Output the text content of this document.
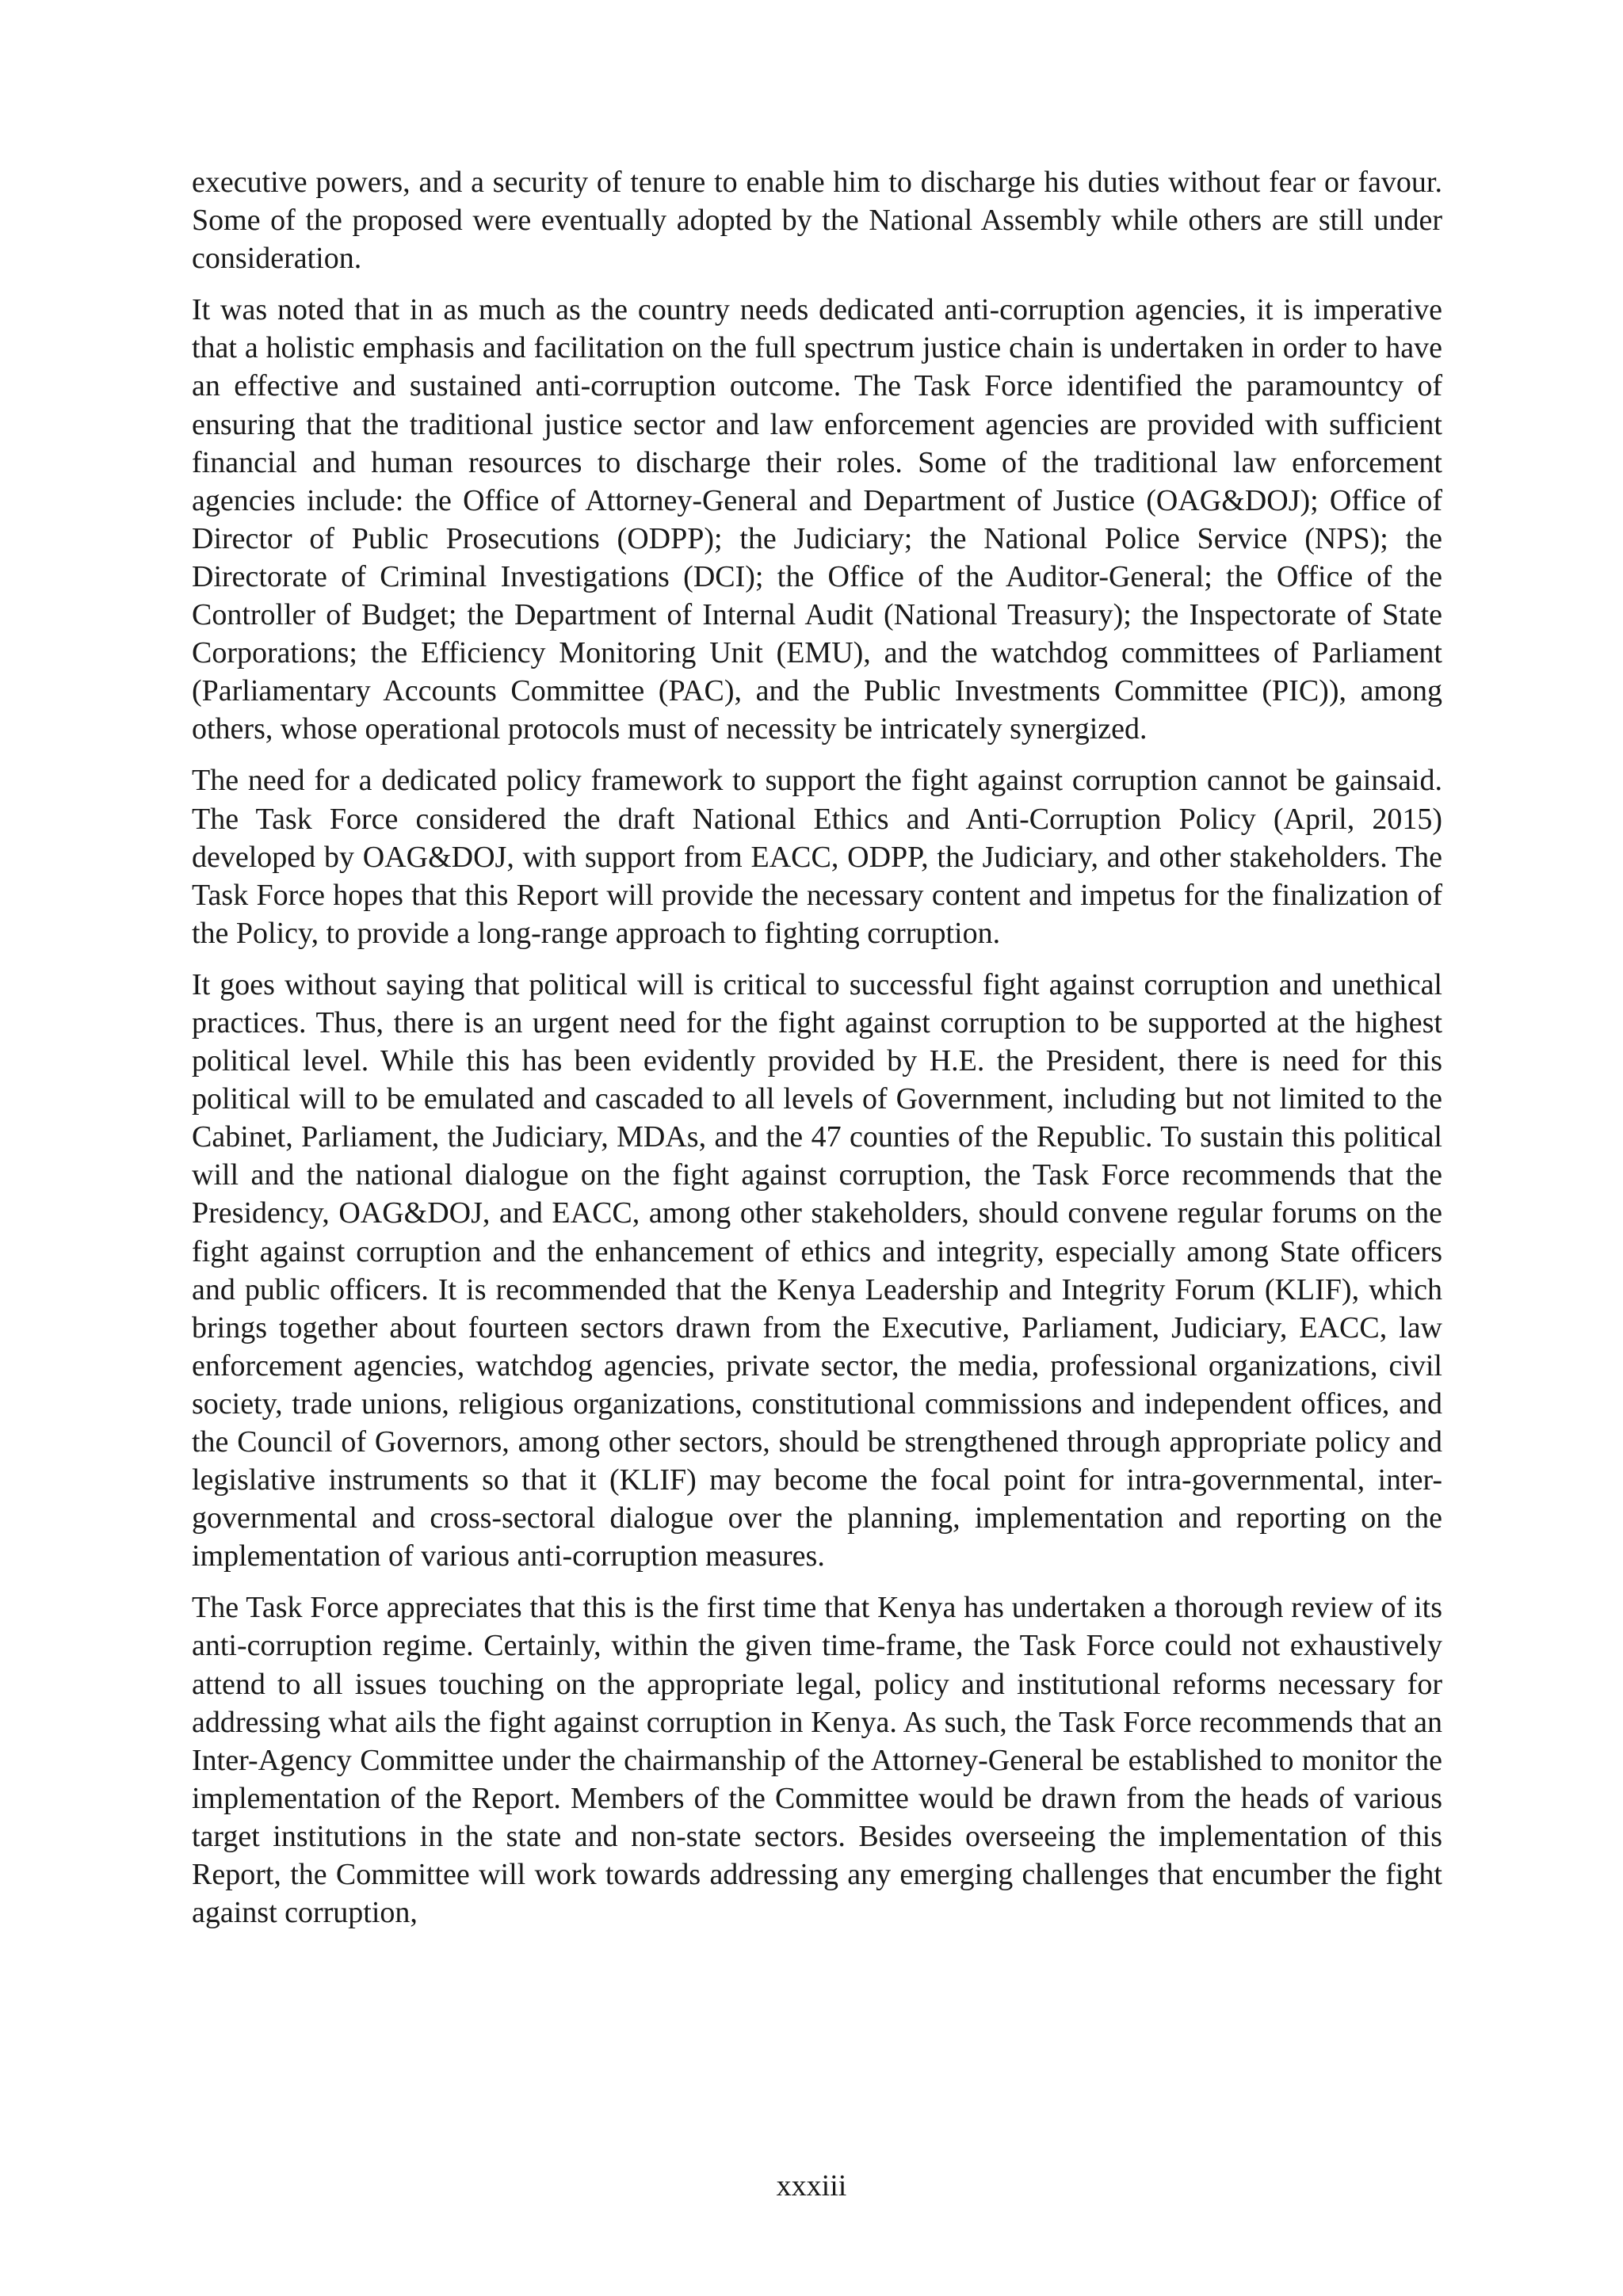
executive powers, and a security of tenure to enable him to discharge his duties without fear or favour. Some of the proposed were eventually adopted by the National Assembly while others are still under consideration.

It was noted that in as much as the country needs dedicated anti-corruption agencies, it is imperative that a holistic emphasis and facilitation on the full spectrum justice chain is undertaken in order to have an effective and sustained anti-corruption outcome. The Task Force identified the paramountcy of ensuring that the traditional justice sector and law enforcement agencies are provided with sufficient financial and human resources to discharge their roles. Some of the traditional law enforcement agencies include: the Office of Attorney-General and Department of Justice (OAG&DOJ); Office of Director of Public Prosecutions (ODPP); the Judiciary; the National Police Service (NPS); the Directorate of Criminal Investigations (DCI); the Office of the Auditor-General; the Office of the Controller of Budget; the Department of Internal Audit (National Treasury); the Inspectorate of State Corporations; the Efficiency Monitoring Unit (EMU), and the watchdog committees of Parliament (Parliamentary Accounts Committee (PAC), and the Public Investments Committee (PIC)), among others, whose operational protocols must of necessity be intricately synergized.

The need for a dedicated policy framework to support the fight against corruption cannot be gainsaid. The Task Force considered the draft National Ethics and Anti-Corruption Policy (April, 2015) developed by OAG&DOJ, with support from EACC, ODPP, the Judiciary, and other stakeholders. The Task Force hopes that this Report will provide the necessary content and impetus for the finalization of the Policy, to provide a long-range approach to fighting corruption.

It goes without saying that political will is critical to successful fight against corruption and unethical practices. Thus, there is an urgent need for the fight against corruption to be supported at the highest political level. While this has been evidently provided by H.E. the President, there is need for this political will to be emulated and cascaded to all levels of Government, including but not limited to the Cabinet, Parliament, the Judiciary, MDAs, and the 47 counties of the Republic. To sustain this political will and the national dialogue on the fight against corruption, the Task Force recommends that the Presidency, OAG&DOJ, and EACC, among other stakeholders, should convene regular forums on the fight against corruption and the enhancement of ethics and integrity, especially among State officers and public officers. It is recommended that the Kenya Leadership and Integrity Forum (KLIF), which brings together about fourteen sectors drawn from the Executive, Parliament, Judiciary, EACC, law enforcement agencies, watchdog agencies, private sector, the media, professional organizations, civil society, trade unions, religious organizations, constitutional commissions and independent offices, and the Council of Governors, among other sectors, should be strengthened through appropriate policy and legislative instruments so that it (KLIF) may become the focal point for intra-governmental, inter-governmental and cross-sectoral dialogue over the planning, implementation and reporting on the implementation of various anti-corruption measures.

The Task Force appreciates that this is the first time that Kenya has undertaken a thorough review of its anti-corruption regime. Certainly, within the given time-frame, the Task Force could not exhaustively attend to all issues touching on the appropriate legal, policy and institutional reforms necessary for addressing what ails the fight against corruption in Kenya. As such, the Task Force recommends that an Inter-Agency Committee under the chairmanship of the Attorney-General be established to monitor the implementation of the Report. Members of the Committee would be drawn from the heads of various target institutions in the state and non-state sectors. Besides overseeing the implementation of this Report, the Committee will work towards addressing any emerging challenges that encumber the fight against corruption,

xxxiii
